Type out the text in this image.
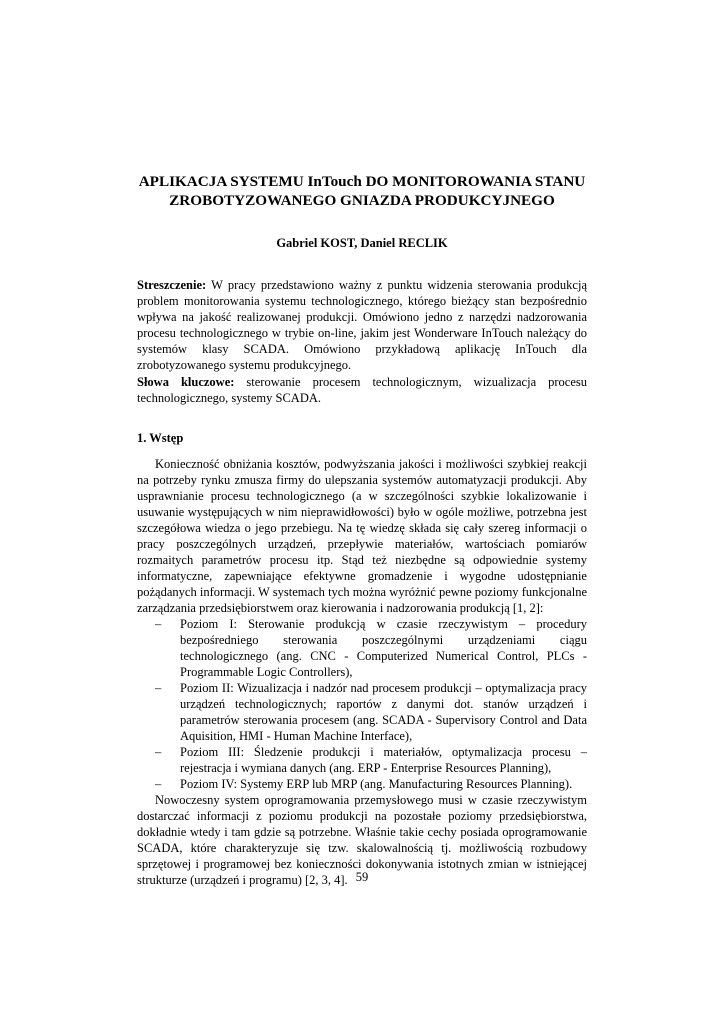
APLIKACJA SYSTEMU InTouch DO MONITOROWANIA STANU
ZROBOTYZOWANEGO GNIAZDA PRODUKCYJNEGO
Gabriel KOST, Daniel RECLIK
Streszczenie: W pracy przedstawiono ważny z punktu widzenia sterowania produkcją problem monitorowania systemu technologicznego, którego bieżący stan bezpośrednio wpływa na jakość realizowanej produkcji. Omówiono jedno z narzędzi nadzorowania procesu technologicznego w trybie on-line, jakim jest Wonderware InTouch należący do systemów klasy SCADA. Omówiono przykładową aplikację InTouch dla zrobotyzowanego systemu produkcyjnego.
Słowa kluczowe: sterowanie procesem technologicznym, wizualizacja procesu technologicznego, systemy SCADA.
1. Wstęp

Konieczność obniżania kosztów, podwyższania jakości i możliwości szybkiej reakcji na potrzeby rynku zmusza firmy do ulepszania systemów automatyzacji produkcji. Aby usprawnianie procesu technologicznego (a w szczególności szybkie lokalizowanie i usuwanie występujących w nim nieprawidłowości) było w ogóle możliwe, potrzebna jest szczegółowa wiedza o jego przebiegu. Na tę wiedzę składa się cały szereg informacji o pracy poszczególnych urządzeń, przepływie materiałów, wartościach pomiarów rozmaitych parametrów procesu itp. Stąd też niezbędne są odpowiednie systemy informatyczne, zapewniające efektywne gromadzenie i wygodne udostępnianie pożądanych informacji. W systemach tych można wyróżnić pewne poziomy funkcjonalne zarządzania przedsiębiorstwem oraz kierowania i nadzorowania produkcją [1, 2]:

– Poziom I: Sterowanie produkcją w czasie rzeczywistym – procedury bezpośredniego sterowania poszczególnymi urządzeniami ciągu technologicznego (ang. CNC - Computerized Numerical Control, PLCs - Programmable Logic Controllers),
– Poziom II: Wizualizacja i nadzór nad procesem produkcji – optymalizacja pracy urządzeń technologicznych; raportów z danymi dot. stanów urządzeń i parametrów sterowania procesem (ang. SCADA - Supervisory Control and Data Aquisition, HMI - Human Machine Interface),
– Poziom III: Śledzenie produkcji i materiałów, optymalizacja procesu – rejestracja i wymiana danych (ang. ERP - Enterprise Resources Planning),
– Poziom IV: Systemy ERP lub MRP (ang. Manufacturing Resources Planning).

Nowoczesny system oprogramowania przemysłowego musi w czasie rzeczywistym dostarczać informacji z poziomu produkcji na pozostałe poziomy przedsiębiorstwa, dokładnie wtedy i tam gdzie są potrzebne. Właśnie takie cechy posiada oprogramowanie SCADA, które charakteryzuje się tzw. skalowalnością tj. możliwością rozbudowy sprzętowej i programowej bez konieczności dokonywania istotnych zmian w istniejącej strukturze (urządzeń i programu) [2, 3, 4]. 59
